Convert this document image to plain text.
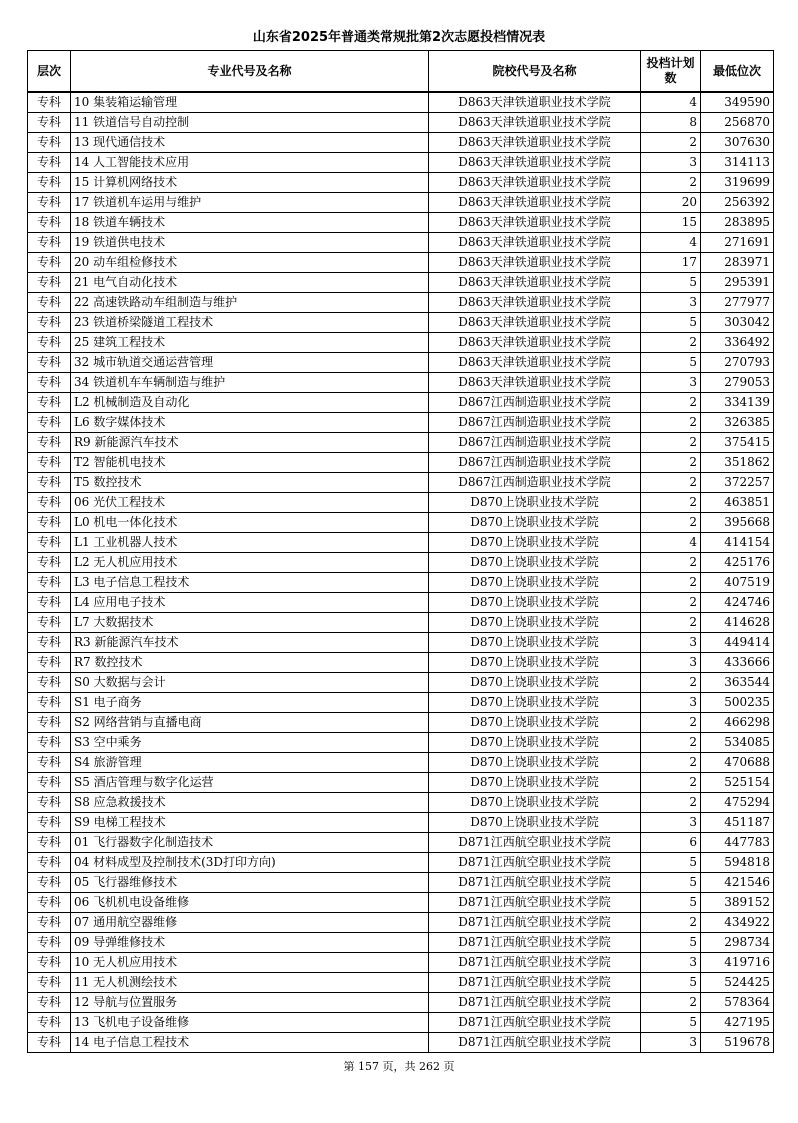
山东省2025年普通类常规批第2次志愿投档情况表
层次	专业代号及名称	院校代号及名称	投档计划数	最低位次
专科	10 集装箱运输管理	D863天津铁道职业技术学院	4	349590
专科	11 铁道信号自动控制	D863天津铁道职业技术学院	8	256870
专科	13 现代通信技术	D863天津铁道职业技术学院	2	307630
专科	14 人工智能技术应用	D863天津铁道职业技术学院	3	314113
专科	15 计算机网络技术	D863天津铁道职业技术学院	2	319699
专科	17 铁道机车运用与维护	D863天津铁道职业技术学院	20	256392
专科	18 铁道车辆技术	D863天津铁道职业技术学院	15	283895
专科	19 铁道供电技术	D863天津铁道职业技术学院	4	271691
专科	20 动车组检修技术	D863天津铁道职业技术学院	17	283971
专科	21 电气自动化技术	D863天津铁道职业技术学院	5	295391
专科	22 高速铁路动车组制造与维护	D863天津铁道职业技术学院	3	277977
专科	23 铁道桥梁隧道工程技术	D863天津铁道职业技术学院	5	303042
专科	25 建筑工程技术	D863天津铁道职业技术学院	2	336492
专科	32 城市轨道交通运营管理	D863天津铁道职业技术学院	5	270793
专科	34 铁道机车车辆制造与维护	D863天津铁道职业技术学院	3	279053
专科	L2 机械制造及自动化	D867江西制造职业技术学院	2	334139
专科	L6 数字媒体技术	D867江西制造职业技术学院	2	326385
专科	R9 新能源汽车技术	D867江西制造职业技术学院	2	375415
专科	T2 智能机电技术	D867江西制造职业技术学院	2	351862
专科	T5 数控技术	D867江西制造职业技术学院	2	372257
专科	06 光伏工程技术	D870上饶职业技术学院	2	463851
专科	L0 机电一体化技术	D870上饶职业技术学院	2	395668
专科	L1 工业机器人技术	D870上饶职业技术学院	4	414154
专科	L2 无人机应用技术	D870上饶职业技术学院	2	425176
专科	L3 电子信息工程技术	D870上饶职业技术学院	2	407519
专科	L4 应用电子技术	D870上饶职业技术学院	2	424746
专科	L7 大数据技术	D870上饶职业技术学院	2	414628
专科	R3 新能源汽车技术	D870上饶职业技术学院	3	449414
专科	R7 数控技术	D870上饶职业技术学院	3	433666
专科	S0 大数据与会计	D870上饶职业技术学院	2	363544
专科	S1 电子商务	D870上饶职业技术学院	3	500235
专科	S2 网络营销与直播电商	D870上饶职业技术学院	2	466298
专科	S3 空中乘务	D870上饶职业技术学院	2	534085
专科	S4 旅游管理	D870上饶职业技术学院	2	470688
专科	S5 酒店管理与数字化运营	D870上饶职业技术学院	2	525154
专科	S8 应急救援技术	D870上饶职业技术学院	2	475294
专科	S9 电梯工程技术	D870上饶职业技术学院	3	451187
专科	01 飞行器数字化制造技术	D871江西航空职业技术学院	6	447783
专科	04 材料成型及控制技术(3D打印方向)	D871江西航空职业技术学院	5	594818
专科	05 飞行器维修技术	D871江西航空职业技术学院	5	421546
专科	06 飞机机电设备维修	D871江西航空职业技术学院	5	389152
专科	07 通用航空器维修	D871江西航空职业技术学院	2	434922
专科	09 导弹维修技术	D871江西航空职业技术学院	5	298734
专科	10 无人机应用技术	D871江西航空职业技术学院	3	419716
专科	11 无人机测绘技术	D871江西航空职业技术学院	5	524425
专科	12 导航与位置服务	D871江西航空职业技术学院	2	578364
专科	13 飞机电子设备维修	D871江西航空职业技术学院	5	427195
专科	14 电子信息工程技术	D871江西航空职业技术学院	3	519678
第 157 页，共 262 页
